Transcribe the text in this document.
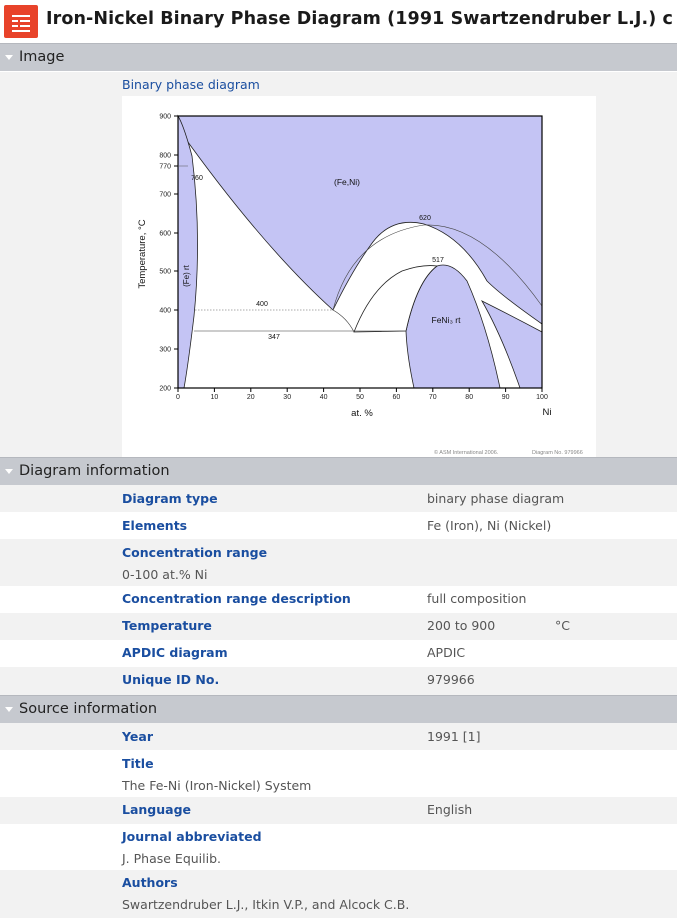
Iron-Nickel Binary Phase Diagram (1991 Swartzendruber L.J.) c
Image
Binary phase diagram
200
300
400
500
600
700
770
800
900
0	10	20	30	40	50	60	70	80	90	100
at. %	Ni
Temperature, °C
(Fe,Ni)
(Fe) rt
FeNi₃ rt
760
620
517
400
347
© ASM International 2006.	Diagram No. 979966
Diagram information
Diagram type	binary phase diagram
Elements	Fe (Iron), Ni (Nickel)
Concentration range
0-100 at.% Ni
Concentration range description	full composition
Temperature	200 to 900	°C
APDIC diagram	APDIC
Unique ID No.	979966
Source information
Year	1991 [1]
Title
The Fe-Ni (Iron-Nickel) System
Language	English
Journal abbreviated
J. Phase Equilib.
Authors
Swartzendruber L.J., Itkin V.P., and Alcock C.B.
